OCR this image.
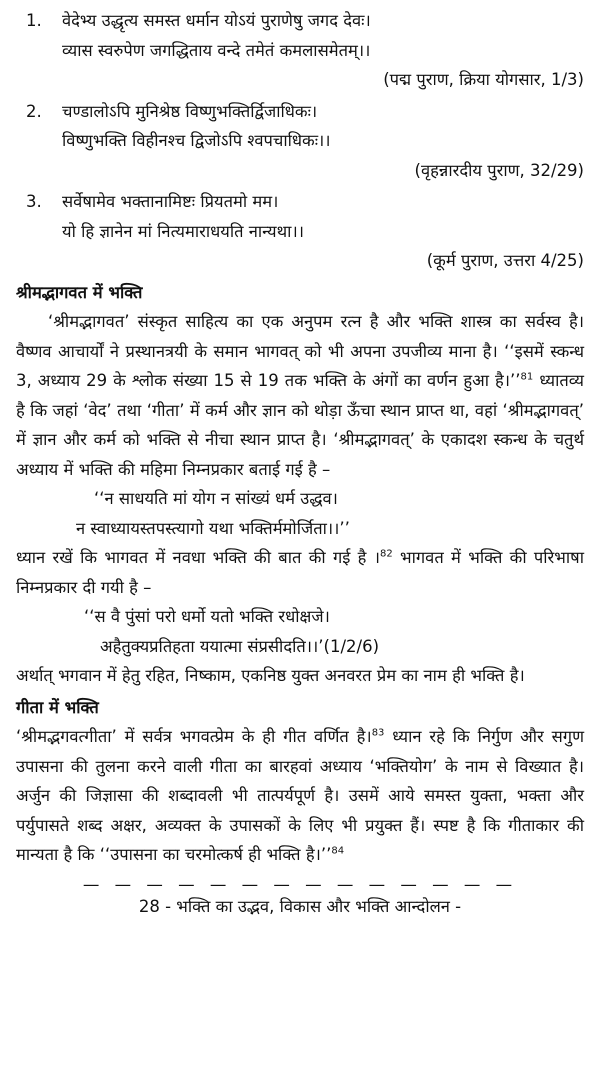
1. वेदेभ्य उद्धृत्य समस्त धर्मान योऽयं पुराणेषु जगद देवः।
व्यास स्वरुपेण जगद्धिताय वन्दे तमेतं कमलासमेतम्।।
(पद्म पुराण, क्रिया योगसार, 1/3)
2. चण्डालोऽपि मुनिश्रेष्ठ विष्णुभक्तिर्द्विजाधिकः।
विष्णुभक्ति विहीनश्च द्विजोऽपि श्वपचाधिकः।।
(वृहन्नारदीय पुराण, 32/29)
3. सर्वेषामेव भक्तानामिष्टः प्रियतमो मम।
यो हि ज्ञानेन मां नित्यमाराधयति नान्यथा।।
(कूर्म पुराण, उत्तरा 4/25)
श्रीमद्भागवत में भक्ति
‘श्रीमद्भागवत’ संस्कृत साहित्य का एक अनुपम रत्न है और भक्ति शास्त्र का सर्वस्व है। वैष्णव आचार्यों ने प्रस्थानत्रयी के समान भागवत् को भी अपना उपजीव्य माना है। ‘‘इसमें स्कन्ध 3, अध्याय 29 के श्लोक संख्या 15 से 19 तक भक्ति के अंगों का वर्णन हुआ है।’’$^{81}$ ध्यातव्य है कि जहां ‘वेद’ तथा ‘गीता’ में कर्म और ज्ञान को थोड़ा ऊँचा स्थान प्राप्त था, वहां ‘श्रीमद्भागवत्’ में ज्ञान और कर्म को भक्ति से नीचा स्थान प्राप्त है। ‘श्रीमद्भागवत्’ के एकादश स्कन्ध के चतुर्थ अध्याय में भक्ति की महिमा निम्नप्रकार बताई गई है –
‘‘न साधयति मां योग न सांख्यं धर्म उद्धव।
न स्वाध्यायस्तपस्त्यागो यथा भक्तिर्ममोर्जिता।।’’
ध्यान रखें कि भागवत में नवधा भक्ति की बात की गई है ।$^{82}$ भागवत में भक्ति की परिभाषा निम्नप्रकार दी गयी है –
‘‘स वै पुंसां परो धर्मो यतो भक्ति रधोक्षजे।
अहैतुक्यप्रतिहता ययात्मा संप्रसीदति।।’(1/2/6)
अर्थात् भगवान में हेतु रहित, निष्काम, एकनिष्ठ युक्त अनवरत प्रेम का नाम ही भक्ति है।
गीता में भक्ति
‘श्रीमद्भगवत्गीता’ में सर्वत्र भगवत्प्रेम के ही गीत वर्णित है।$^{83}$ ध्यान रहे कि निर्गुण और सगुण उपासना की तुलना करने वाली गीता का बारहवां अध्याय ‘भक्तियोग’ के नाम से विख्यात है। अर्जुन की जिज्ञासा की शब्दावली भी तात्पर्यपूर्ण है। उसमें आये समस्त युक्ता, भक्ता और पर्युपासते शब्द अक्षर, अव्यक्त के उपासकों के लिए भी प्रयुक्त हैं। स्पष्ट है कि गीताकार की मान्यता है कि ‘‘उपासना का चरमोत्कर्ष ही भक्ति है।’’$^{84}$
— — — — — — — — — — — — — —
28 - भक्ति का उद्भव, विकास और भक्ति आन्दोलन -
